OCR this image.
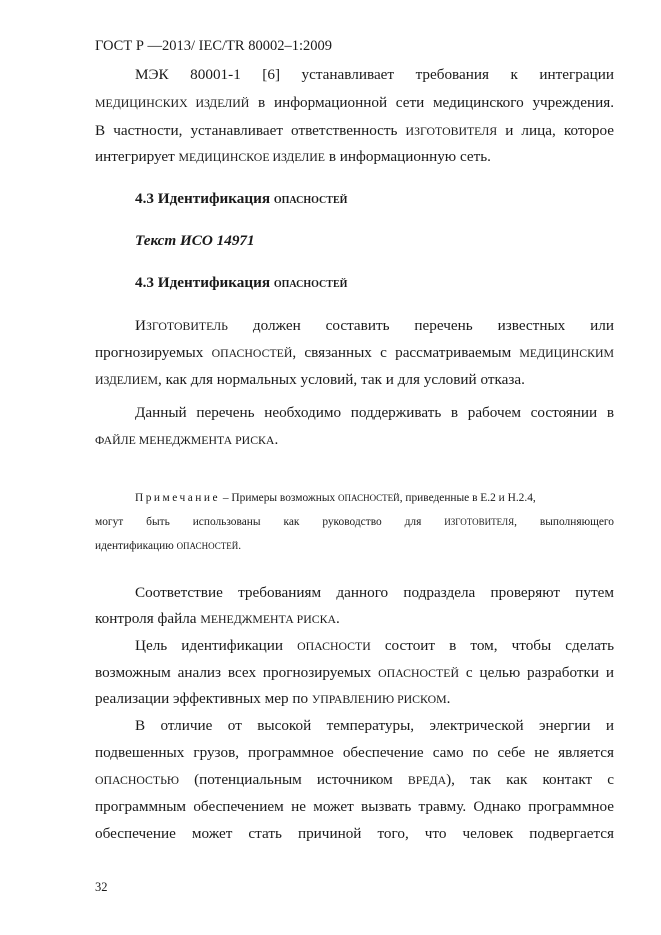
ГОСТ Р —2013/ IEC/TR 80002–1:2009
МЭК 80001-1 [6] устанавливает требования к интеграции
МЕДИЦИНСКИХ ИЗДЕЛИЙ в информационной сети медицинского учреждения.
В частности, устанавливает ответственность ИЗГОТОВИТЕЛЯ и лица, которое
интегрирует МЕДИЦИНСКОЕ ИЗДЕЛИЕ в информационную сеть.
4.3 Идентификация ОПАСНОСТЕЙ
Текст ИСО 14971
4.3 Идентификация ОПАСНОСТЕЙ
ИЗГОТОВИТЕЛЬ должен составить перечень известных или
прогнозируемых ОПАСНОСТЕЙ, связанных с рассматриваемым МЕДИЦИНСКИМ
ИЗДЕЛИЕМ, как для нормальных условий, так и для условий отказа.
Данный перечень необходимо поддерживать в рабочем состоянии в
ФАЙЛЕ МЕНЕДЖМЕНТА РИСКА.
Примечание – Примеры возможных ОПАСНОСТЕЙ, приведенные в Е.2 и Н.2.4,
могут быть использованы как руководство для ИЗГОТОВИТЕЛЯ, выполняющего
идентификацию ОПАСНОСТЕЙ.
Соответствие требованиям данного подраздела проверяют путем
контроля файла МЕНЕДЖМЕНТА РИСКА.
Цель идентификации ОПАСНОСТИ состоит в том, чтобы сделать
возможным анализ всех прогнозируемых ОПАСНОСТЕЙ с целью разработки и
реализации эффективных мер по УПРАВЛЕНИЮ РИСКОМ.
В отличие от высокой температуры, электрической энергии и
подвешенных грузов, программное обеспечение само по себе не является
ОПАСНОСТЬЮ (потенциальным источником ВРЕДА), так как контакт с
программным обеспечением не может вызвать травму. Однако программное
обеспечение может стать причиной того, что человек подвергается
32
